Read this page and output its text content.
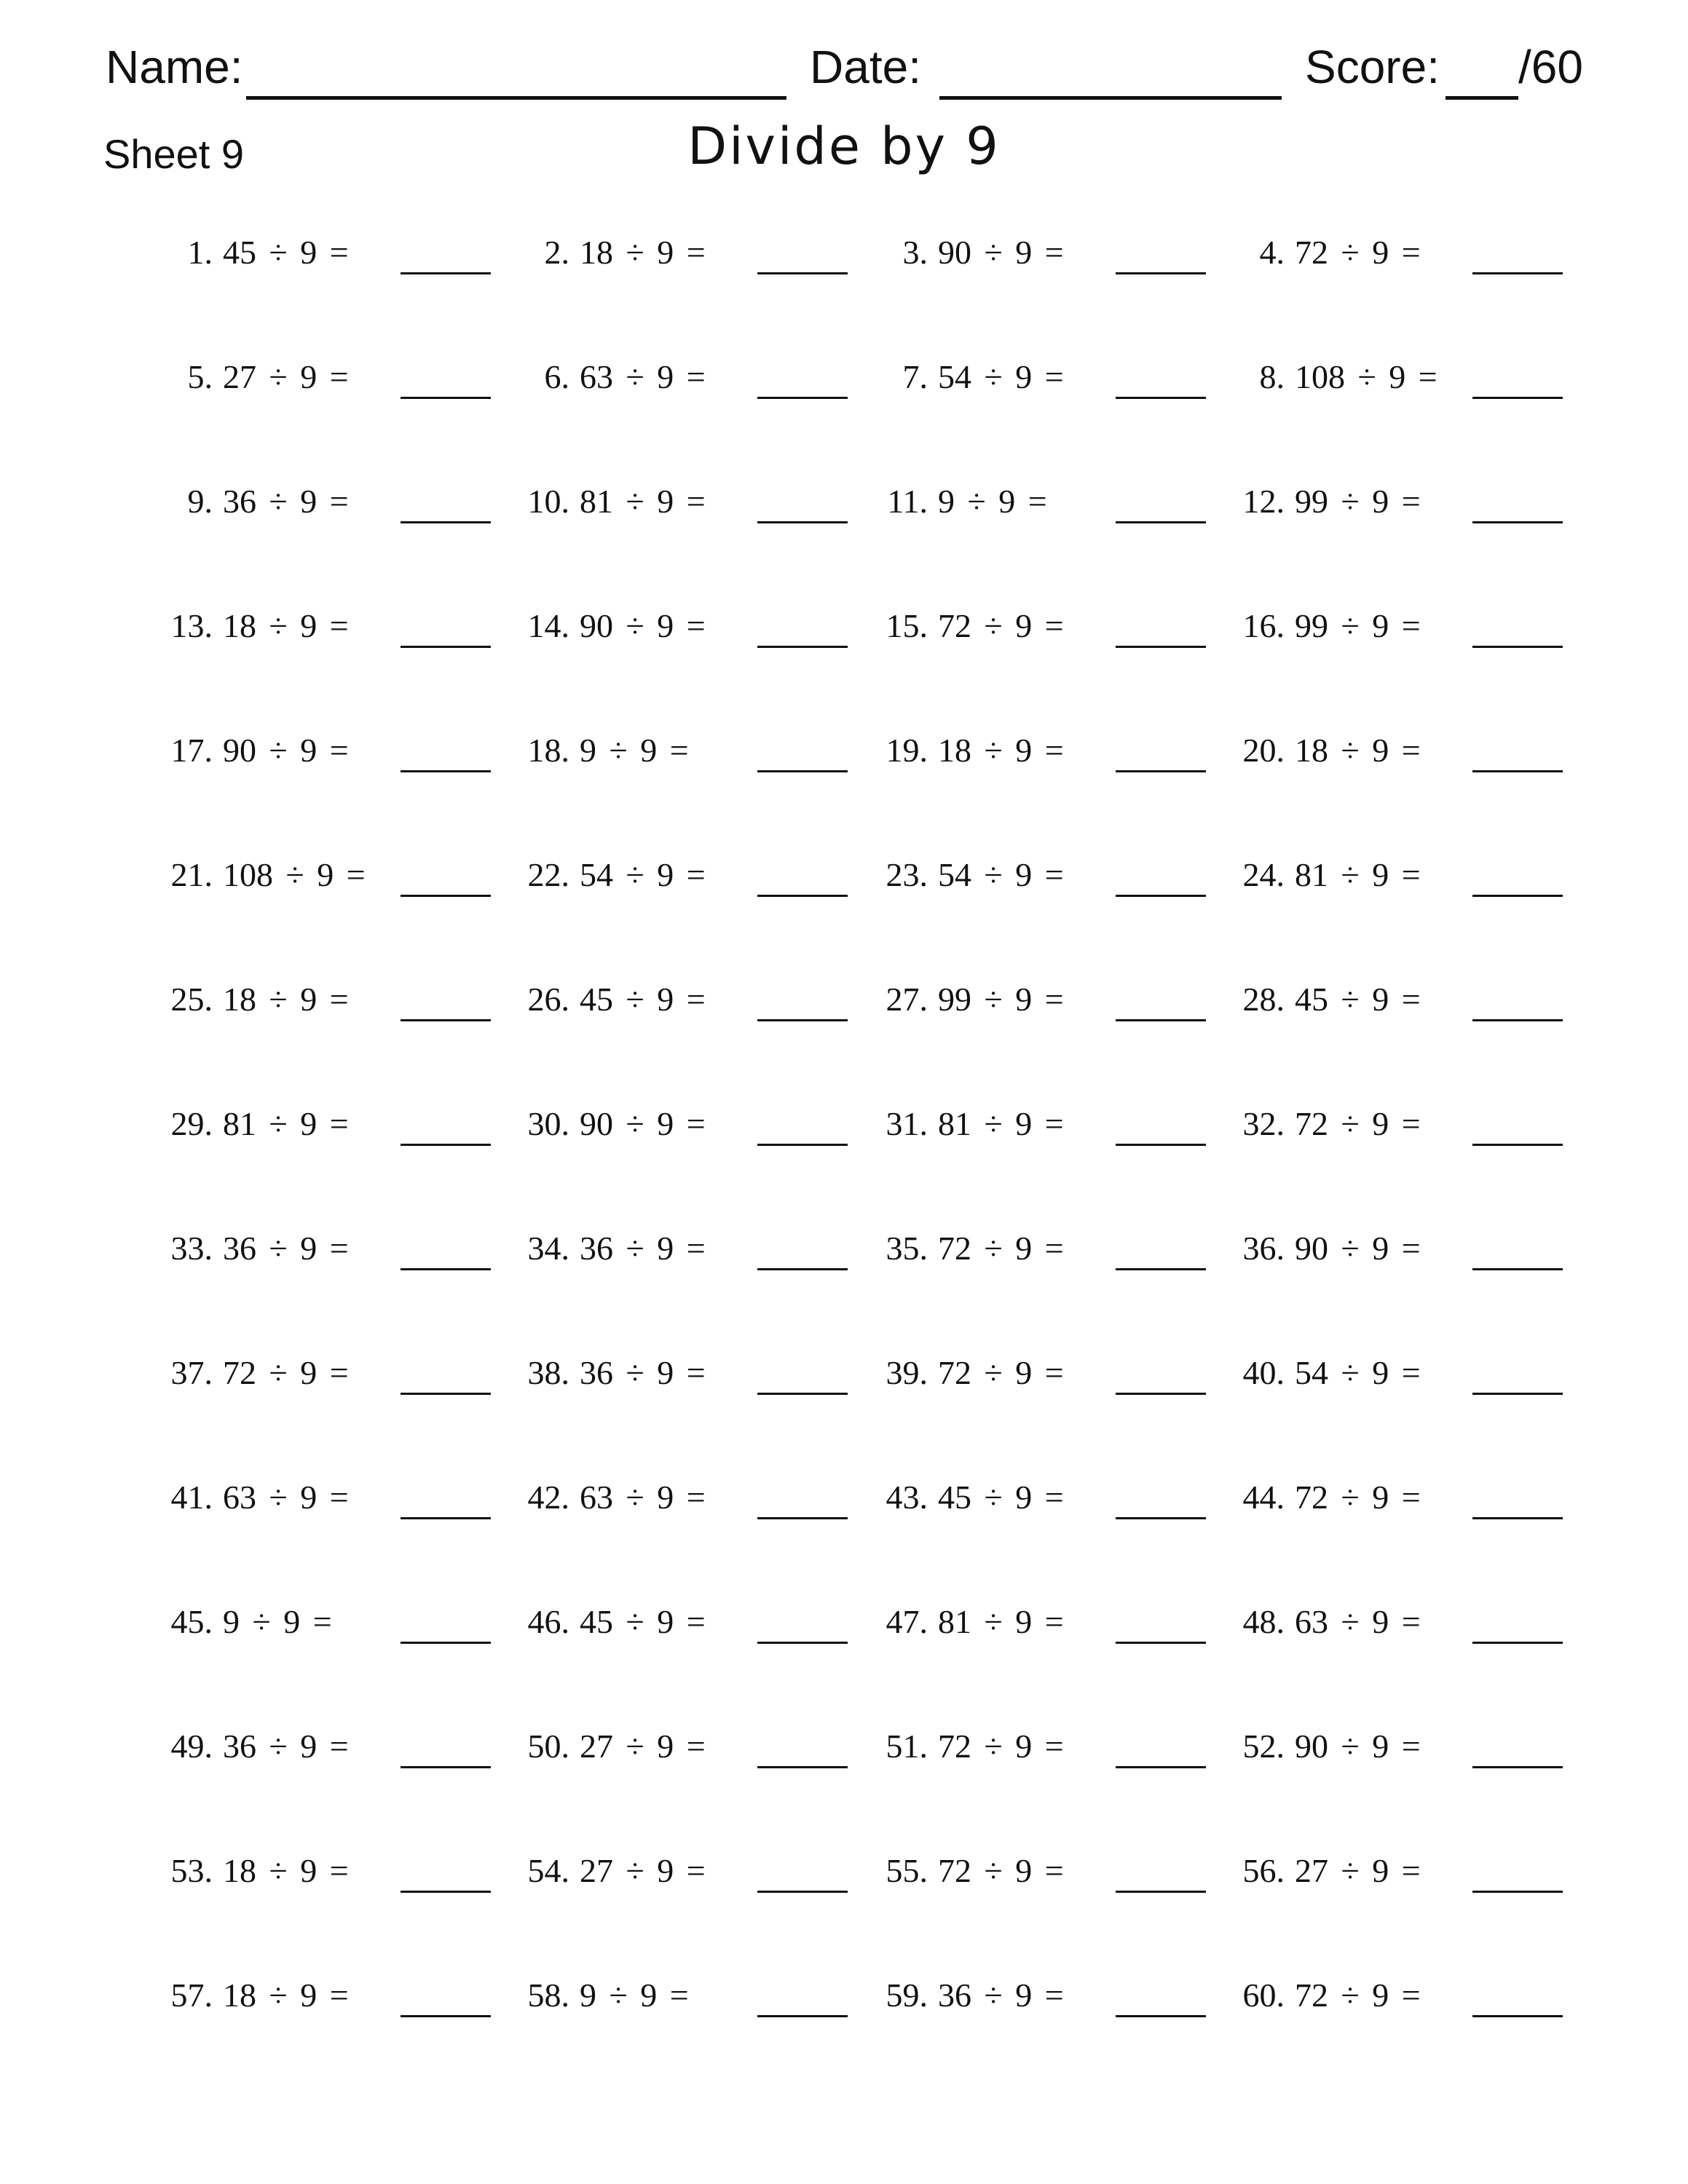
Name:	Date:	Score: /60
Sheet 9	Divide by 9
1. 45 ÷ 9 =	2. 18 ÷ 9 =	3. 90 ÷ 9 =	4. 72 ÷ 9 =
5. 27 ÷ 9 =	6. 63 ÷ 9 =	7. 54 ÷ 9 =	8. 108 ÷ 9 =
9. 36 ÷ 9 =	10. 81 ÷ 9 =	11. 9 ÷ 9 =	12. 99 ÷ 9 =
13. 18 ÷ 9 =	14. 90 ÷ 9 =	15. 72 ÷ 9 =	16. 99 ÷ 9 =
17. 90 ÷ 9 =	18. 9 ÷ 9 =	19. 18 ÷ 9 =	20. 18 ÷ 9 =
21. 108 ÷ 9 =	22. 54 ÷ 9 =	23. 54 ÷ 9 =	24. 81 ÷ 9 =
25. 18 ÷ 9 =	26. 45 ÷ 9 =	27. 99 ÷ 9 =	28. 45 ÷ 9 =
29. 81 ÷ 9 =	30. 90 ÷ 9 =	31. 81 ÷ 9 =	32. 72 ÷ 9 =
33. 36 ÷ 9 =	34. 36 ÷ 9 =	35. 72 ÷ 9 =	36. 90 ÷ 9 =
37. 72 ÷ 9 =	38. 36 ÷ 9 =	39. 72 ÷ 9 =	40. 54 ÷ 9 =
41. 63 ÷ 9 =	42. 63 ÷ 9 =	43. 45 ÷ 9 =	44. 72 ÷ 9 =
45. 9 ÷ 9 =	46. 45 ÷ 9 =	47. 81 ÷ 9 =	48. 63 ÷ 9 =
49. 36 ÷ 9 =	50. 27 ÷ 9 =	51. 72 ÷ 9 =	52. 90 ÷ 9 =
53. 18 ÷ 9 =	54. 27 ÷ 9 =	55. 72 ÷ 9 =	56. 27 ÷ 9 =
57. 18 ÷ 9 =	58. 9 ÷ 9 =	59. 36 ÷ 9 =	60. 72 ÷ 9 =
